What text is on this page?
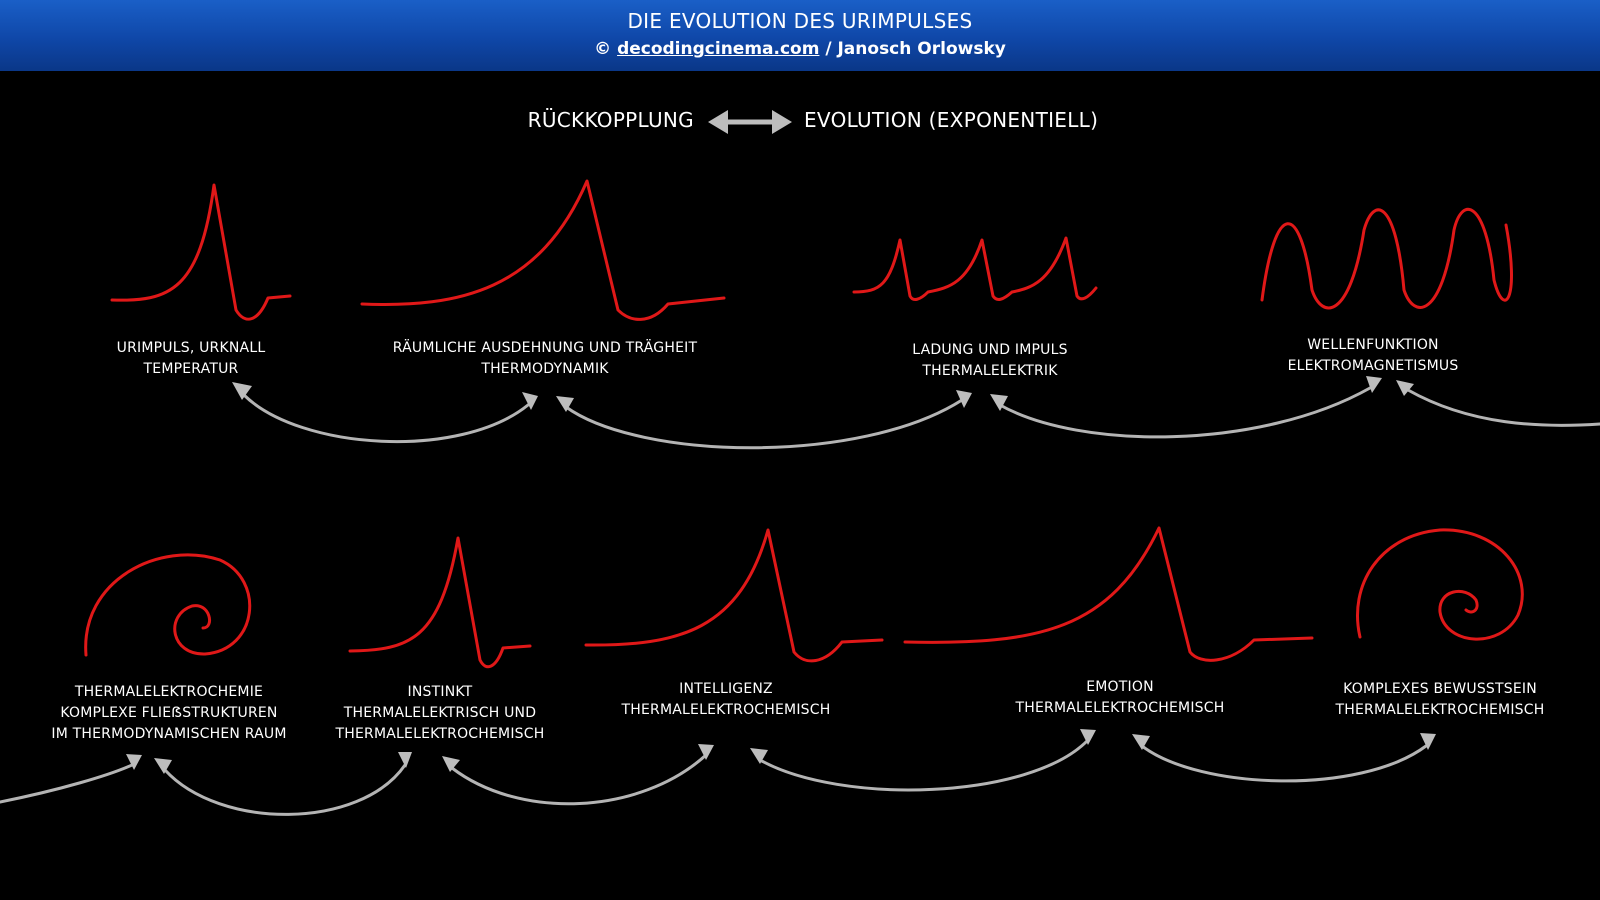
DIE EVOLUTION DES URIMPULSES
© decodingcinema.com / Janosch Orlowsky
RÜCKKOPPLUNG	EVOLUTION (EXPONENTIELL)
URIMPULS, URKNALL
TEMPERATUR
RÄUMLICHE AUSDEHNUNG UND TRÄGHEIT
THERMODYNAMIK
LADUNG UND IMPULS
THERMALELEKTRIK
WELLENFUNKTION
ELEKTROMAGNETISMUS
THERMALELEKTROCHEMIE
KOMPLEXE FLIEẞSTRUKTUREN
IM THERMODYNAMISCHEN RAUM
INSTINKT
THERMALELEKTRISCH UND
THERMALELEKTROCHEMISCH
INTELLIGENZ
THERMALELEKTROCHEMISCH
EMOTION
THERMALELEKTROCHEMISCH
KOMPLEXES BEWUSSTSEIN
THERMALELEKTROCHEMISCH
